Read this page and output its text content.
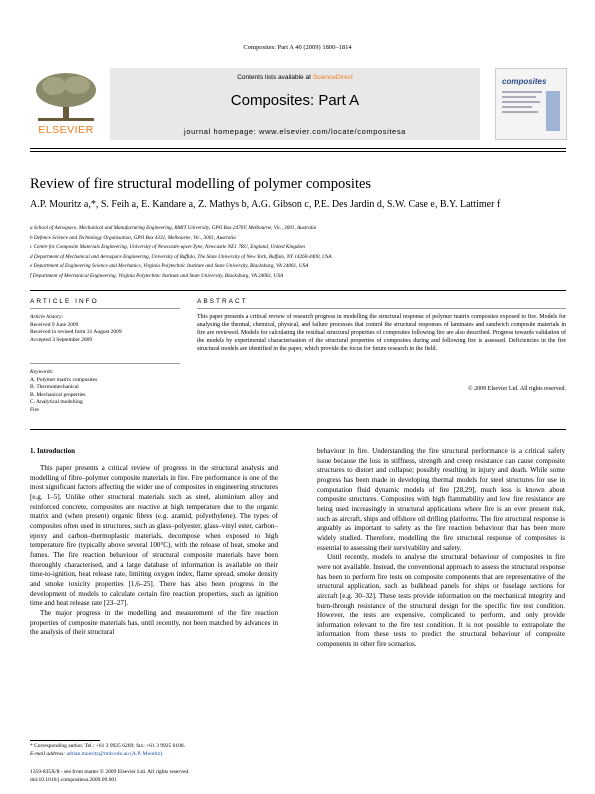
Composites: Part A 40 (2009) 1800–1814
ELSEVIER
Contents lists available at ScienceDirect
Composites: Part A
journal homepage: www.elsevier.com/locate/compositesa
composites
Review of fire structural modelling of polymer composites
A.P. Mouritz a,*, S. Feih a, E. Kandare a, Z. Mathys b, A.G. Gibson c, P.E. Des Jardin d, S.W. Case e, B.Y. Lattimer f
a School of Aerospace, Mechanical and Manufacturing Engineering, RMIT University, GPO Box 2476V, Melbourne, Vic., 3001, Australia
b Defence Science and Technology Organisation, GPO Box 4331, Melbourne, Vic., 3001, Australia
c Centre for Composite Materials Engineering, University of Newcastle-upon-Tyne, Newcastle NE1 7RU, England, United Kingdom
d Department of Mechanical and Aerospace Engineering, University of Buffalo, The State University of New York, Buffalo, NY 14260-4400, USA
e Department of Engineering Science and Mechanics, Virginia Polytechnic Institute and State University, Blacksburg, VA 24061, USA
f Department of Mechanical Engineering, Virginia Polytechnic Institute and State University, Blacksburg, VA 24061, USA
ARTICLE INFO	ABSTRACT
Article history:
Received 9 June 2009
Received in revised form 31 August 2009
Accepted 3 September 2009
Keywords:
A. Polymer matrix composites
B. Thermomechanical
B. Mechanical properties
C. Analytical modelling
Fire
This paper presents a critical review of research progress in modelling the structural response of polymer matrix composites exposed to fire. Models for analysing the thermal, chemical, physical, and failure processes that control the structural responses of laminates and sandwich composite materials in fire are reviewed. Models for calculating the residual structural properties of composites following fire are also described. Progress towards validation of the models by experimental characterisation of the structural properties of composites during and following fire is assessed. Deficiencies in the fire structural models are identified in the paper, which provide the focus for future research in the field.
© 2009 Elsevier Ltd. All rights reserved.
1. Introduction

This paper presents a critical review of progress in the structural analysis and modelling of fibre–polymer composite materials in fire. Fire performance is one of the most significant factors affecting the wider use of composites in engineering structures [e.g. 1–5]. Unlike other structural materials such as steel, aluminium alloy and reinforced concrete, composites are reactive at high temperature due to the organic matrix and (when present) organic fibres (e.g. aramid, polyethylene). The types of composites often used in structures, such as glass–polyester, glass–vinyl ester, carbon–epoxy and carbon–thermoplastic materials, decompose when exposed to high temperature fire (typically above several 100°C), with the release of heat, smoke and fumes. The fire reaction behaviour of structural composite materials have been thoroughly characterised, and a large database of information is available on their time-to-ignition, heat release rate, limiting oxygen index, flame spread, smoke density and smoke toxicity properties [1,6–25]. There has also been progress in the development of models to calculate certain fire reaction properties, such as ignition time and heat release rate [23–27].

The major progress in the modelling and measurement of the fire reaction properties of composite materials has, until recently, not been matched by advances in the analysis of their structural

behaviour in fire. Understanding the fire structural performance is a critical safety issue because the loss in stiffness, strength and creep resistance can cause composite structures to distort and collapse; possibly resulting in injury and death. While some progress has been made in developing thermal models for steel structures for use in computation fluid dynamic models of fire [28,29], much less is known about composite structures. Composites with high flammability and low fire resistance are being used increasingly in structural applications where fire is an ever present risk, such as aircraft, ships and offshore oil drilling platforms. The fire structural response is arguably as important to safety as the fire reaction behaviour that has been more widely studied. Therefore, modelling the fire structural response of composites is essential to assessing their survivability and safety.

Until recently, models to analyse the structural behaviour of composites in fire were not available. Instead, the conventional approach to assess the structural response has been to perform fire tests on composite components that are representative of the structural application, such as bulkhead panels for ships or fuselage sections for aircraft [e.g. 30–32]. These tests provide information on the mechanical integrity and burn-through resistance of the structural design for the specific fire test condition. However, the tests are expensive, complicated to perform, and only provide information relevant to the fire test condition. It is not possible to extrapolate the information from these tests to predict the structural behaviour of composite components in other fire scenarios.

* Corresponding author. Tel.: +61 3 9925 6269; fax: +61 3 9925 6108.
E-mail address: adrian.mouritz@rmit.edu.au (A.P. Mouritz).
1359-835X/$ - see front matter © 2009 Elsevier Ltd. All rights reserved.
doi:10.1016/j.compositesa.2009.09.001
